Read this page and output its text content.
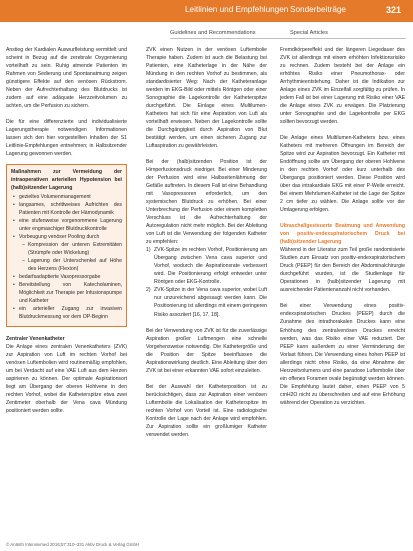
Leitlinien und Empfehlungen Sonderbeiträge	321
Guidelines and Recommendations	Special Articles

Anstieg der Kardialen Auswurfleistung vermittelt und scheint in Bezug auf die zerebrale Oxygenierung vorteilhaft zu sein. Ruhig atmende Patienten im Rahmen von Sedierung und Spontanatmung zeigen günstigere Effekte auf den venösen Rückstrom. Neben der Aufrechterhaltung des Blutdrucks ist zudem auf eine adäquate Herzzeitvolumen zu achten, um die Perfusion zu sichern.

Die für eine differenzierte und individualisierte Lagerungstherapie notwendigen Informationen lassen sich den hier vorgestellten Inhalten der S1 Leitlinie-Empfehlungen entnehmen; in Halbsitzender Lagerung gewonnen werden.

Maßnahmen zur Vermeidung der intraoperativen arteriellen Hypotension bei (halb)sitzender Lagerung
• gezieltes Volumenmanagement
• langsames, schrittweises Aufrichten des Patienten mit Kontrolle der Hämodynamik
• eine stufenweise vorgenommene Lagerung unter engmaschiger Blutdruckkontrolle
• Vorbeugung venöser Pooling durch
– Kompression der unteren Extremitäten (Strümpfe oder Wickelung)
– Lagerung der Unterschenkel auf Höhe des Herzens (Flexion)
• bedarfsadaptierte Vasopressorgabe
• Bereitstellung von Katecholaminen, Möglichkeit zur Therapie per Infusionspumpe und Katheter
• ein arterieller Zugang zur invasiven Blutdruckmessung vor dem OP-Beginn
Zentraler Venenkatheter

Die Anlage eines zentralen Venenkatheters (ZVK) zur Aspiration von Luft im rechten Vorhof bei venösen Luftembolien wird routinemäßig empfohlen, um bei Verdacht auf eine VAE Luft aus dem Herzen aspirieren zu können. Der optimale Aspirationsort liegt am Übergang der oberen Hohlvene in den rechten Vorhof, wobei die Katheterspitze etwa zwei Zentimeter oberhalb der Vena cava Mündung positioniert werden sollte.

ZVK einen Nutzen in der venösen Luftembolie Therapie haben. Zudem ist auch die Belastung bei Patienten, eine Katheterlage in der Nähe der Mündung in den rechten Vorhof zu bestimmen, als standardisierter Weg: Nach der Katheteranlage werden im EKG-Bild oder mittels Röntgen oder einer Sonographie die Lagekontrolle der Katheterspitze durchgeführt. Die Einlage eines Multilumen-Katheters hat sich für eine Aspiration von Luft als vorteilhaft erwiesen. Neben der Lagekontrolle sollte die Durchgängigkeit durch Aspiration von Blut bestätigt werden, um einen sicheren Zugang zur Luftaspiration zu gewährleisten.

Bei der (halb)sitzenden Position ist der Hirnperfusionsdruck niedriger. Bei einer Minderung der Perfusion wird eine Halbseitenlähmung der Gefäße auftreten. In diesem Fall ist eine Behandlung mit Vasopressoren erforderlich, um den systemischen Blutdruck zu erhöhen. Bei einer Unterbrechung der Perfusion oder einem kompletten Verschluss ist die Aufrechterhaltung der Autoregulation nicht mehr möglich. Bei der Ableitung von Luft ist die Verwendung der folgenden Katheter zu empfehlen:

1) ZVK-Spitze im rechten Vorhof, Positionierung am Übergang zwischen Vena cava superior und Vorhof, wodurch die Aspirationsrate verbessert wird. Die Positionierung erfolgt entweder unter Röntgen oder EKG-Kontrolle.
2) ZVK-Spitze in der Vena cava superior, wobei Luft nur unzureichend abgesaugt werden kann. Die Positionierung ist allerdings mit einem geringeren Risiko assoziiert [16, 17, 18].

Bei der Verwendung von ZVK ist für die zuverlässige Aspiration großer Luftmengen eine schnelle Vorgehensweise notwendig. Die Kathetergröße und die Position der Spitze beeinflussen die Aspirationswirkung deutlich. Eine Ableitung über den ZVK ist bei einer erkannten VAE sofort einzuleiten.

Bei der Auswahl der Katheterposition ist zu berücksichtigen, dass zur Aspiration einer venösen Luftembolie die Lokalisation der Katheterspitze im rechten Vorhof von Vorteil ist. Eine radiologische Kontrolle der Lage nach der Anlage wird empfohlen. Zur Aspiration sollte ein großlumiger Katheter verwendet werden.

Fremdkörpereffekt und der längeren Liegedauer des ZVK ist allerdings mit einem erhöhten Infektionsrisiko zu rechnen. Zudem besteht bei der Anlage ein erhöhtes Risiko einer Pneumothorax- oder Arrhythmieentstehung. Daher ist die Indikation zur Anlage eines ZVK im Einzelfall sorgfältig zu prüfen. In jedem Fall ist bei einer Lagerung mit Risiko einer VAE die Anlage eines ZVK zu erwägen. Die Platzierung unter Sonographie und die Lagekontrolle per EKG sollten bevorzugt werden.

Die Anlage eines Multilumen-Katheters bzw. eines Katheters mit mehreren Öffnungen im Bereich der Spitze wird zur Aspiration bevorzugt. Ein Katheter mit Endöffnung sollte am Übergang der oberen Hohlvene in den rechten Vorhof oder kurz unterhalb des Übergangs positioniert werden. Diese Position wird über das intrakardiale EKG mit einer P-Welle erreicht. Bei einem Mehrlumen-Katheter ist die Lage der Spitze 2 cm tiefer zu wählen. Die Anlage sollte vor der Umlagerung erfolgen.

Ultraschallgesteuerte Beatmung und Anwendung von positiv-endexspiratorischem Druck bei (halb)sitzender Lagerung

Während in der Literatur zum Teil große randomisierte Studien zum Einsatz von positiv-endexspiratorischem Druck (PEEP) für den Bereich der Abdominalchirurgie durchgeführt wurden, ist die Studienlage für Operationen in (halb)sitzender Lagerung mit ausreichender Patientenanzahl nicht vorhanden.

Bei einer Verwendung eines positiv-endexspiratorischen Druckes (PEEP) durch die Zunahme des intrathorakalen Druckes kann eine Erhöhung des zentralvenösen Druckes erreicht werden, was das Risiko einer VAE reduziert. Der PEEP kann außerdem zu einer Verminderung der Vorlast führen. Die Verwendung eines hohen PEEP ist allerdings nicht ohne Risiko, da eine Abnahme der Herzzeitvolumens und eine paradoxe Luftembolie über ein offenes Foramen ovale begünstigt werden können. Die Empfehlung lautet daher, einen PEEP von 5 cmH2O nicht zu überschreiten und auf eine Erhöhung während der Operation zu verzichten.

© Anästh Intensivmed 2016;57:310–331 Aktiv Druck & Verlag GmbH
